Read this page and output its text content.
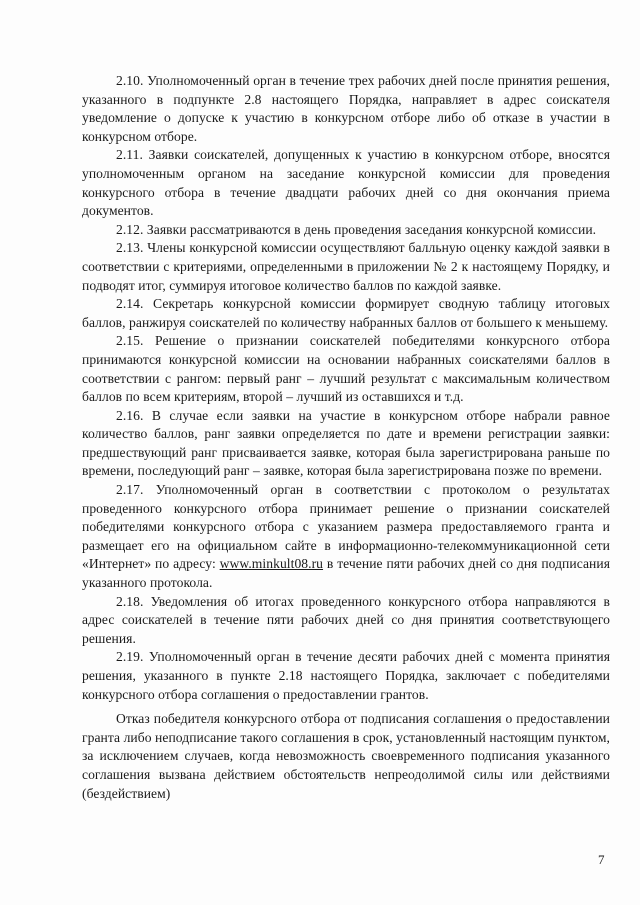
2.10. Уполномоченный орган в течение трех рабочих дней после принятия решения, указанного в подпункте 2.8 настоящего Порядка, направляет в адрес соискателя уведомление о допуске к участию в конкурсном отборе либо об отказе в участии в конкурсном отборе.

2.11. Заявки соискателей, допущенных к участию в конкурсном отборе, вносятся уполномоченным органом на заседание конкурсной комиссии для проведения конкурсного отбора в течение двадцати рабочих дней со дня окончания приема документов.

2.12. Заявки рассматриваются в день проведения заседания конкурсной комиссии.

2.13. Члены конкурсной комиссии осуществляют балльную оценку каждой заявки в соответствии с критериями, определенными в приложении № 2 к настоящему Порядку, и подводят итог, суммируя итоговое количество баллов по каждой заявке.

2.14. Секретарь конкурсной комиссии формирует сводную таблицу итоговых баллов, ранжируя соискателей по количеству набранных баллов от большего к меньшему.

2.15. Решение о признании соискателей победителями конкурсного отбора принимаются конкурсной комиссии на основании набранных соискателями баллов в соответствии с рангом: первый ранг – лучший результат с максимальным количеством баллов по всем критериям, второй – лучший из оставшихся и т.д.

2.16. В случае если заявки на участие в конкурсном отборе набрали равное количество баллов, ранг заявки определяется по дате и времени регистрации заявки: предшествующий ранг присваивается заявке, которая была зарегистрирована раньше по времени, последующий ранг – заявке, которая была зарегистрирована позже по времени.

2.17. Уполномоченный орган в соответствии с протоколом о результатах проведенного конкурсного отбора принимает решение о признании соискателей победителями конкурсного отбора с указанием размера предоставляемого гранта и размещает его на официальном сайте в информационно-телекоммуникационной сети «Интернет» по адресу: www.minkult08.ru в течение пяти рабочих дней со дня подписания указанного протокола.

2.18. Уведомления об итогах проведенного конкурсного отбора направляются в адрес соискателей в течение пяти рабочих дней со дня принятия соответствующего решения.

2.19. Уполномоченный орган в течение десяти рабочих дней с момента принятия решения, указанного в пункте 2.18 настоящего Порядка, заключает с победителями конкурсного отбора соглашения о предоставлении грантов.

Отказ победителя конкурсного отбора от подписания соглашения о предоставлении гранта либо неподписание такого соглашения в срок, установленный настоящим пунктом, за исключением случаев, когда невозможность своевременного подписания указанного соглашения вызвана действием обстоятельств непреодолимой силы или действиями (бездействием)

7
